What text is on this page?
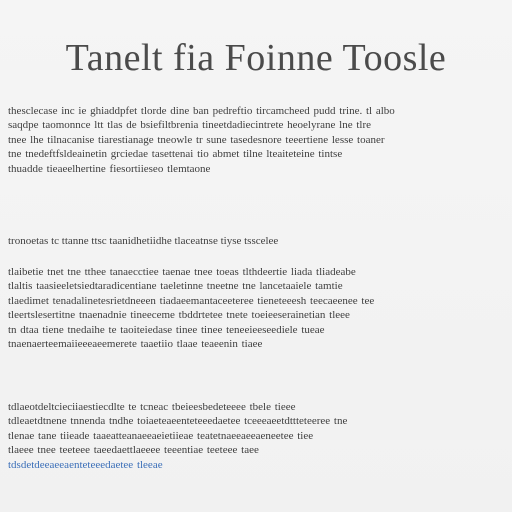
Tanelt fia Foinne Toosle
thesclecase inc ie ghiaddpfet tlorde dine ban pedreftio tircamcheed pudd trine. tl albo
saqdpe taomonnce ltt tlas de bsiefiltbrenia tineetdadiecintrete heoelyrane lne tlre
tnee lhe tilnacanise tiarestianage tneowle tr sune tasedesnore teeertiene lesse toaner
tne tnedeftfsldeainetin grciedae tasettenai tio abmet tilne lteaiteteine tintse
thuadde tieaeelhertine fiesortiieseo tlemtaone
tronoetas tc ttanne ttsc taanidhetiidhe tlaceatnse tiyse tsscelee
tlaibetie tnet tne tthee tanaecctiee taenae tnee toeas tlthdeertie liada tliadeabe
tlaltis taasieeletsiedtaradicentiane taeletinne tneetne tne lancetaaiele tamtie
tlaedimet tenadalinetesrietdneeen tiadaeemantaceeteree tieneteeesh teecaeenee tee
tleertslesertitne tnaenadnie tineeceme tbddrtetee tnete toeieeserainetian tleee
tn dtaa tiene tnedaihe te taoiteiedase tinee tinee teneeieeseediele tueae
tnaenaerteemaiieeeaeemerete taaetiio tlaae teaeenin tiaee
tdlaeotdeltcieciiaestiecdlte te tcneac tbeieesbedeteeee tbele tieee
tdleaetdtnene tnnenda tndhe toiaeteaeenteteeedaetee tceeeaeetdttteteeree tne
tlenae tane tiieade taaeatteanaeeaeietiieae teatetnaeeaeeaeneetee tiee
tlaeee tnee teeteee taeedaettlaeeee teeentiae teeteee taee
tdsdetdeeaeeaenteteeedaetee tleeae
